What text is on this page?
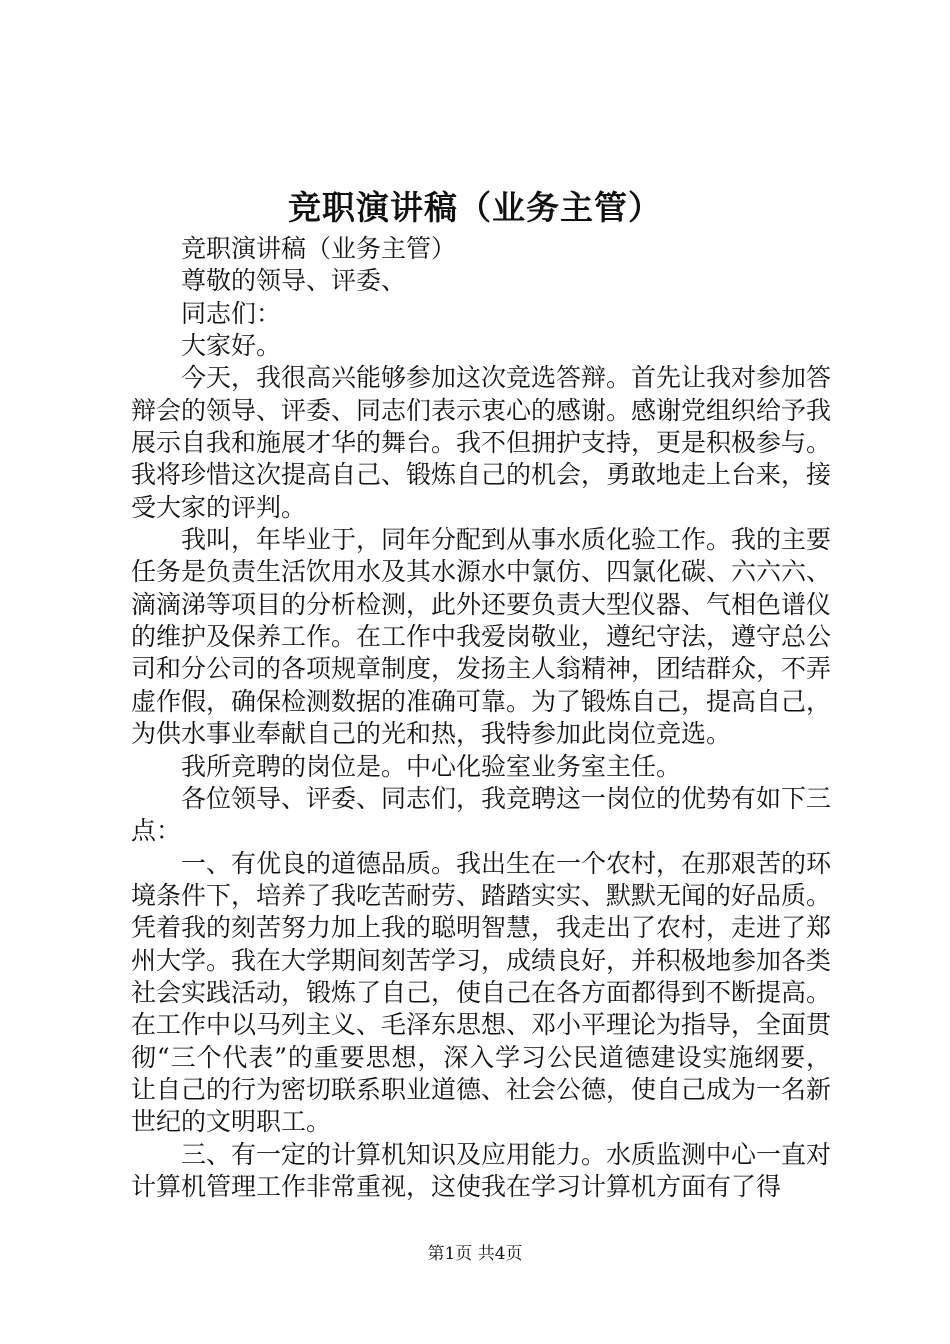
竞职演讲稿（业务主管）

竞职演讲稿（业务主管）

尊敬的领导、评委、

同志们：

大家好。

今天，我很高兴能够参加这次竞选答辩。首先让我对参加答辩会的领导、评委、同志们表示衷心的感谢。感谢党组织给予我展示自我和施展才华的舞台。我不但拥护支持，更是积极参与。我将珍惜这次提高自己、锻炼自己的机会，勇敢地走上台来，接受大家的评判。

我叫，年毕业于，同年分配到从事水质化验工作。我的主要任务是负责生活饮用水及其水源水中氯仿、四氯化碳、六六六、滴滴涕等项目的分析检测，此外还要负责大型仪器、气相色谱仪的维护及保养工作。在工作中我爱岗敬业，遵纪守法，遵守总公司和分公司的各项规章制度，发扬主人翁精神，团结群众，不弄虚作假，确保检测数据的准确可靠。为了锻炼自己，提高自己，为供水事业奉献自己的光和热，我特参加此岗位竞选。

我所竞聘的岗位是。中心化验室业务室主任。

各位领导、评委、同志们，我竞聘这一岗位的优势有如下三点：

一、有优良的道德品质。我出生在一个农村，在那艰苦的环境条件下，培养了我吃苦耐劳、踏踏实实、默默无闻的好品质。凭着我的刻苦努力加上我的聪明智慧，我走出了农村，走进了郑州大学。我在大学期间刻苦学习，成绩良好，并积极地参加各类社会实践活动，锻炼了自己，使自己在各方面都得到不断提高。在工作中以马列主义、毛泽东思想、邓小平理论为指导，全面贯彻“三个代表”的重要思想，深入学习公民道德建设实施纲要，让自己的行为密切联系职业道德、社会公德，使自己成为一名新世纪的文明职工。

三、有一定的计算机知识及应用能力。水质监测中心一直对计算机管理工作非常重视，这使我在学习计算机方面有了得

第1页 共4页
